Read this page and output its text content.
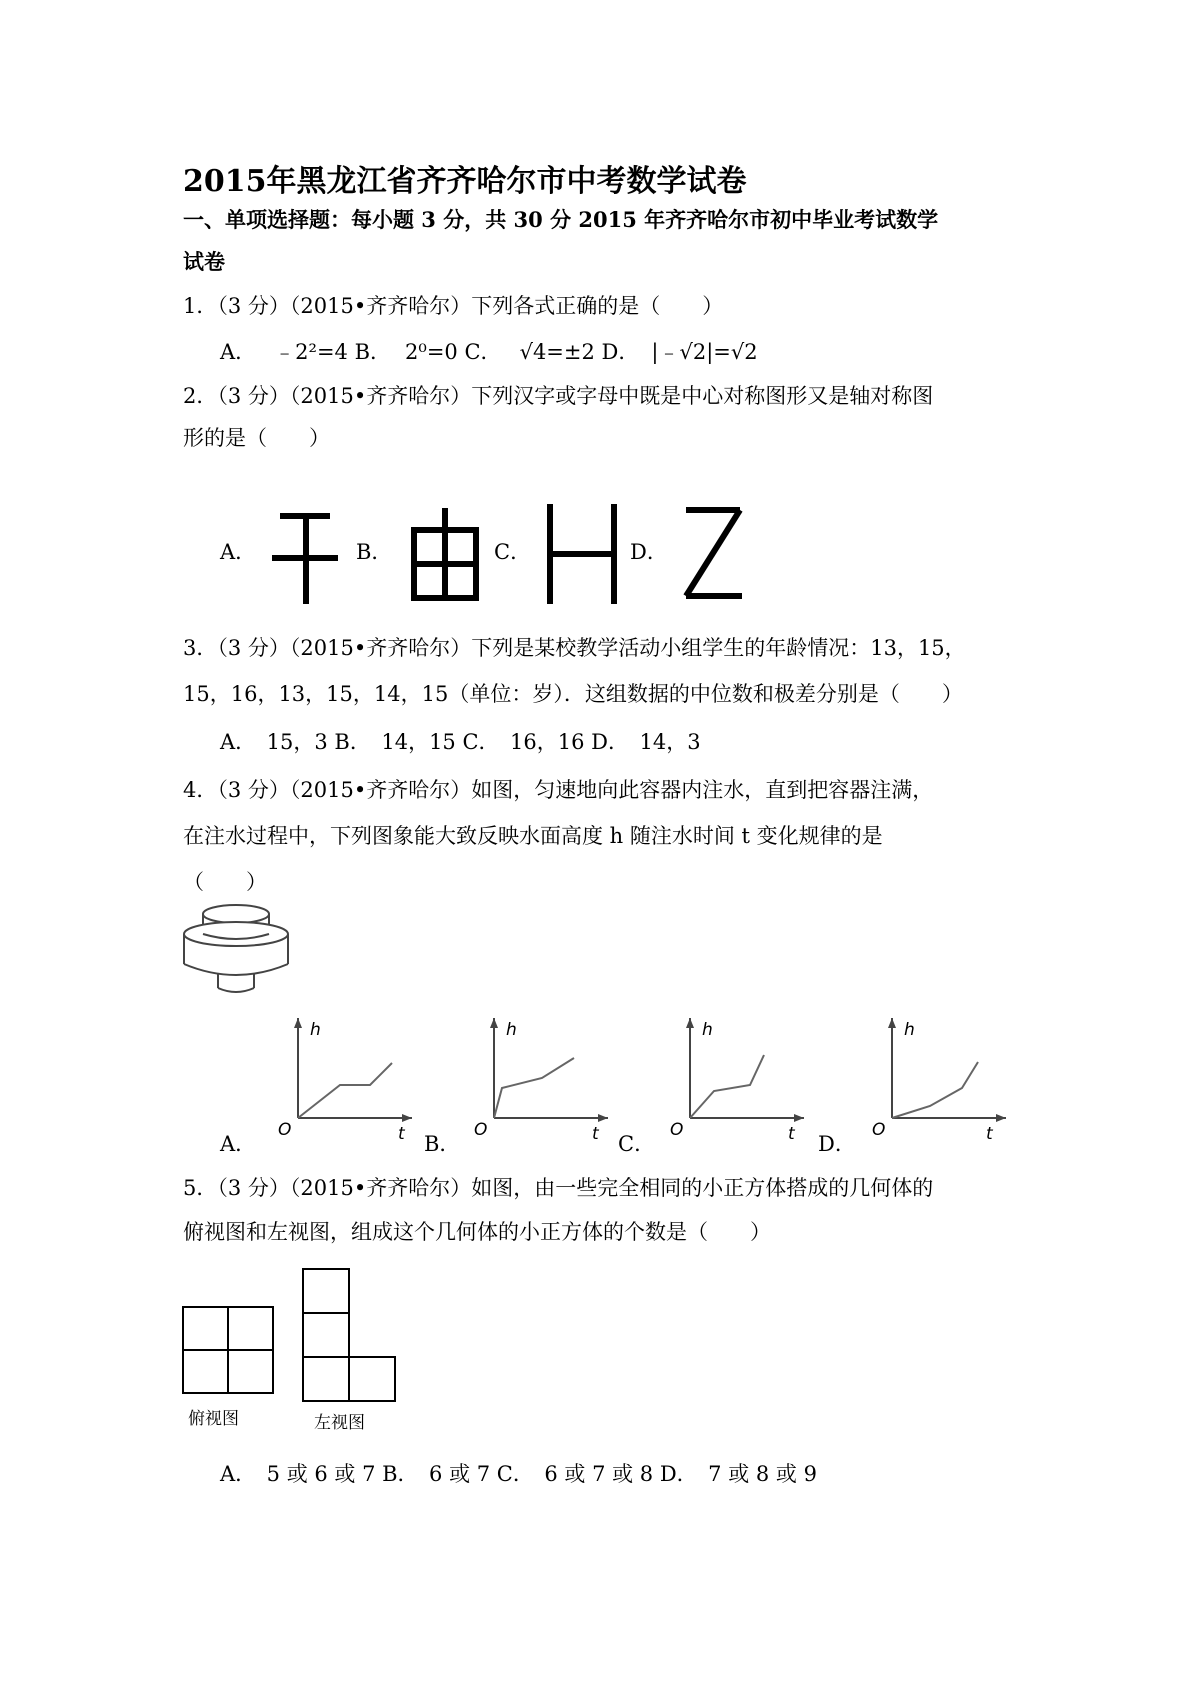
2015年黑龙江省齐齐哈尔市中考数学试卷
一、单项选择题：每小题 3 分，共 30 分 2015 年齐齐哈尔市初中毕业考试数学
试卷
1．（3 分）（2015•齐齐哈尔）下列各式正确的是（　　）
A． ﹣2²=4 B． 2⁰=0 C． √4=±2 D． |﹣√2|=√2
2．（3 分）（2015•齐齐哈尔）下列汉字或字母中既是中心对称图形又是轴对称图
形的是（　　）
A．	B．	C．	D．
3．（3 分）（2015•齐齐哈尔）下列是某校教学活动小组学生的年龄情况：13，15，
15，16，13，15，14，15（单位：岁）．这组数据的中位数和极差分别是（　　）
A．　15，3 B．　14，15 C．　16，16 D．　14，3
4．（3 分）（2015•齐齐哈尔）如图，匀速地向此容器内注水，直到把容器注满，
在注水过程中，下列图象能大致反映水面高度 h 随注水时间 t 变化规律的是
（　　）
A．	B．	C．	D．
h
O	t
h
O	t
h
O	t
h
O	t
5．（3 分）（2015•齐齐哈尔）如图，由一些完全相同的小正方体搭成的几何体的
俯视图和左视图，组成这个几何体的小正方体的个数是（　　）
俯视图	左视图
A．　5 或 6 或 7 B．　6 或 7 C．　6 或 7 或 8 D．　7 或 8 或 9
